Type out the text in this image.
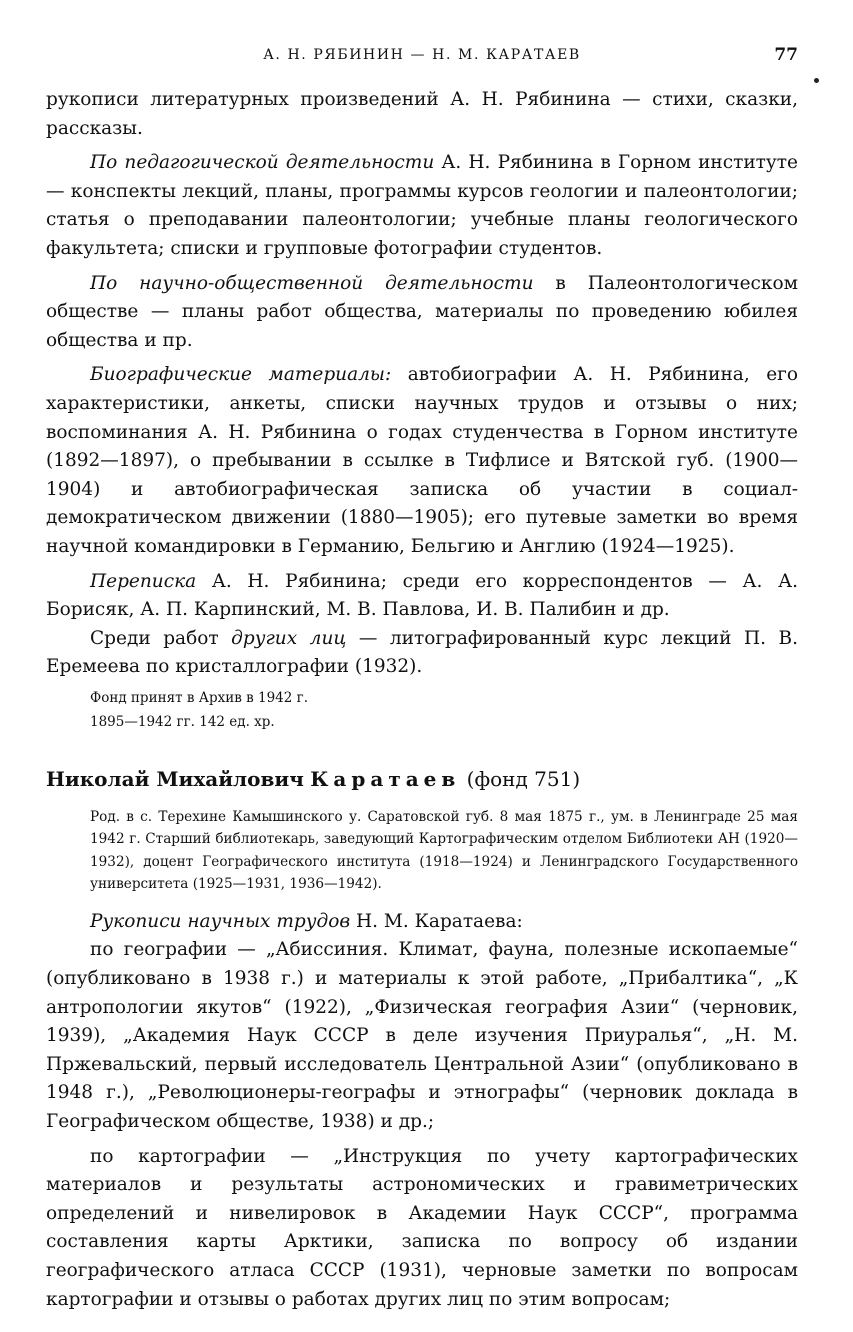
А. Н. РЯБИНИН — Н. М. КАРАТАЕВ	77

рукописи литературных произведений А. Н. Рябинина — стихи, сказки, рассказы.

По педагогической деятельности А. Н. Рябинина в Горном институте — конспекты лекций, планы, программы курсов геологии и палеонтологии; статья о преподавании палеонтологии; учебные планы геологического факультета; списки и групповые фотографии студентов.

По научно-общественной деятельности в Палеонтологическом обществе — планы работ общества, материалы по проведению юбилея общества и пр.

Биографические материалы: автобиографии А. Н. Рябинина, его характеристики, анкеты, списки научных трудов и отзывы о них; воспоминания А. Н. Рябинина о годах студенчества в Горном институте (1892—1897), о пребывании в ссылке в Тифлисе и Вятской губ. (1900—1904) и автобиографическая записка об участии в социал-демократическом движении (1880—1905); его путевые заметки во время научной командировки в Германию, Бельгию и Англию (1924—1925).

Переписка А. Н. Рябинина; среди его корреспондентов — А. А. Борисяк, А. П. Карпинский, М. В. Павлова, И. В. Палибин и др.

Среди работ других лиц — литографированный курс лекций П. В. Еремеева по кристаллографии (1932).

Фонд принят в Архив в 1942 г.
1895—1942 гг. 142 ед. хр.
Николай Михайлович Каратаев (фонд 751)

Род. в с. Терехине Камышинского у. Саратовской губ. 8 мая 1875 г., ум. в Ленинграде 25 мая 1942 г. Старший библиотекарь, заведующий Картографическим отделом Библиотеки АН (1920—1932), доцент Географического института (1918—1924) и Ленинградского Государственного университета (1925—1931, 1936—1942).

Рукописи научных трудов Н. М. Каратаева:

по географии — „Абиссиния. Климат, фауна, полезные ископаемые“ (опубликовано в 1938 г.) и материалы к этой работе, „Прибалтика“, „К антропологии якутов“ (1922), „Физическая география Азии“ (черновик, 1939), „Академия Наук СССР в деле изучения Приуралья“, „Н. М. Пржевальский, первый исследователь Центральной Азии“ (опубликовано в 1948 г.), „Революционеры-географы и этнографы“ (черновик доклада в Географическом обществе, 1938) и др.;

по картографии — „Инструкция по учету картографических материалов и результаты астрономических и гравиметрических определений и нивелировок в Академии Наук СССР“, программа составления карты Арктики, записка по вопросу об издании географического атласа СССР (1931), черновые заметки по вопросам картографии и отзывы о работах других лиц по этим вопросам;
